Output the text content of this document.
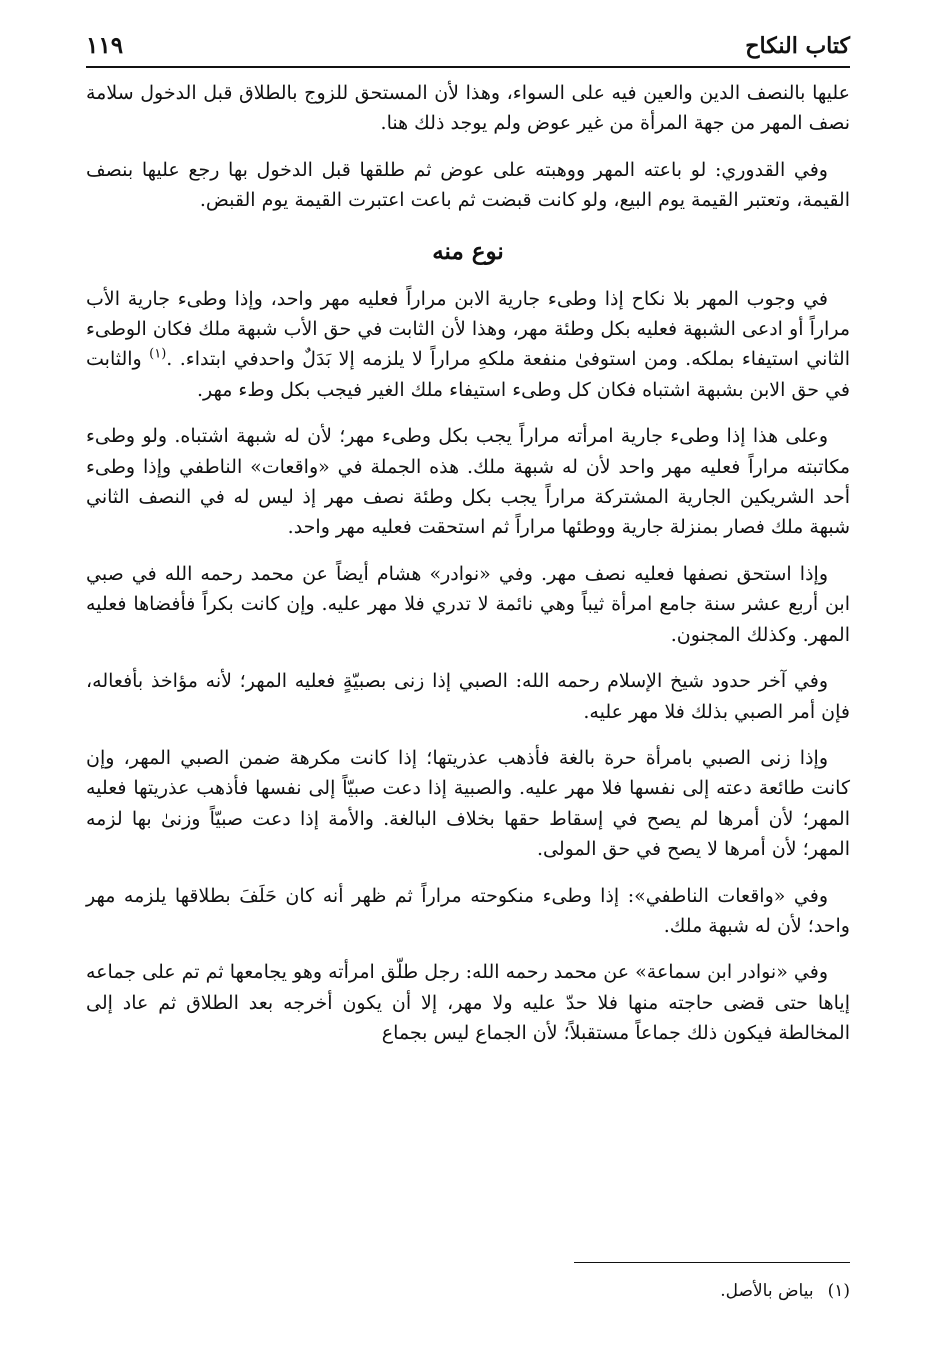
كتاب النكاح
١١٩

عليها بالنصف الدين والعين فيه على السواء، وهذا لأن المستحق للزوج بالطلاق قبل الدخول سلامة نصف المهر من جهة المرأة من غير عوض ولم يوجد ذلك هنا.

وفي القدوري: لو باعته المهر ووهبته على عوض ثم طلقها قبل الدخول بها رجع عليها بنصف القيمة، وتعتبر القيمة يوم البيع، ولو كانت قبضت ثم باعت اعتبرت القيمة يوم القبض.

نوع منه

في وجوب المهر بلا نكاح إذا وطىء جارية الابن مراراً فعليه مهر واحد، وإذا وطىء جارية الأب مراراً أو ادعى الشبهة فعليه بكل وطئة مهر، وهذا لأن الثابت في حق الأب شبهة ملك فكان الوطىء الثاني استيفاء بملكه. ومن استوفىٰ منفعة ملكهِ مراراً لا يلزمه إلا بَدَلٌ واحدفي ابتداء. .$^{(١)}$ والثابت في حق الابن بشبهة اشتباه فكان كل وطىء استيفاء ملك الغير فيجب بكل وطء مهر.

وعلى هذا إذا وطىء جارية امرأته مراراً يجب بكل وطىء مهر؛ لأن له شبهة اشتباه. ولو وطىء مكاتبته مراراً فعليه مهر واحد لأن له شبهة ملك. هذه الجملة في «واقعات» الناطفي وإذا وطىء أحد الشريكين الجارية المشتركة مراراً يجب بكل وطئة نصف مهر إذ ليس له في النصف الثاني شبهة ملك فصار بمنزلة جارية ووطئها مراراً ثم استحقت فعليه مهر واحد.

وإذا استحق نصفها فعليه نصف مهر. وفي «نوادر» هشام أيضاً عن محمد رحمه الله في صبي ابن أربع عشر سنة جامع امرأة ثيباً وهي نائمة لا تدري فلا مهر عليه. وإن كانت بكراً فأفضاها فعليه المهر. وكذلك المجنون.

وفي آخر حدود شيخ الإسلام رحمه الله: الصبي إذا زنى بصبيّةٍ فعليه المهر؛ لأنه مؤاخذ بأفعاله، فإن أمر الصبي بذلك فلا مهر عليه.

وإذا زنى الصبي بامرأة حرة بالغة فأذهب عذريتها؛ إذا كانت مكرهة ضمن الصبي المهر، وإن كانت طائعة دعته إلى نفسها فلا مهر عليه. والصبية إذا دعت صبيّاً إلى نفسها فأذهب عذريتها فعليه المهر؛ لأن أمرها لم يصح في إسقاط حقها بخلاف البالغة. والأمة إذا دعت صبيّاً وزنىٰ بها لزمه المهر؛ لأن أمرها لا يصح في حق المولى.

وفي «واقعات الناطفي»: إذا وطىء منكوحته مراراً ثم ظهر أنه كان حَلَفَ بطلاقها يلزمه مهر واحد؛ لأن له شبهة ملك.

وفي «نوادر ابن سماعة» عن محمد رحمه الله: رجل طلّق امرأته وهو يجامعها ثم تم على جماعه إياها حتى قضى حاجته منها فلا حدّ عليه ولا مهر، إلا أن يكون أخرجه بعد الطلاق ثم عاد إلى المخالطة فيكون ذلك جماعاً مستقبلاً؛ لأن الجماع ليس بجماع

(١)بياض بالأصل.
